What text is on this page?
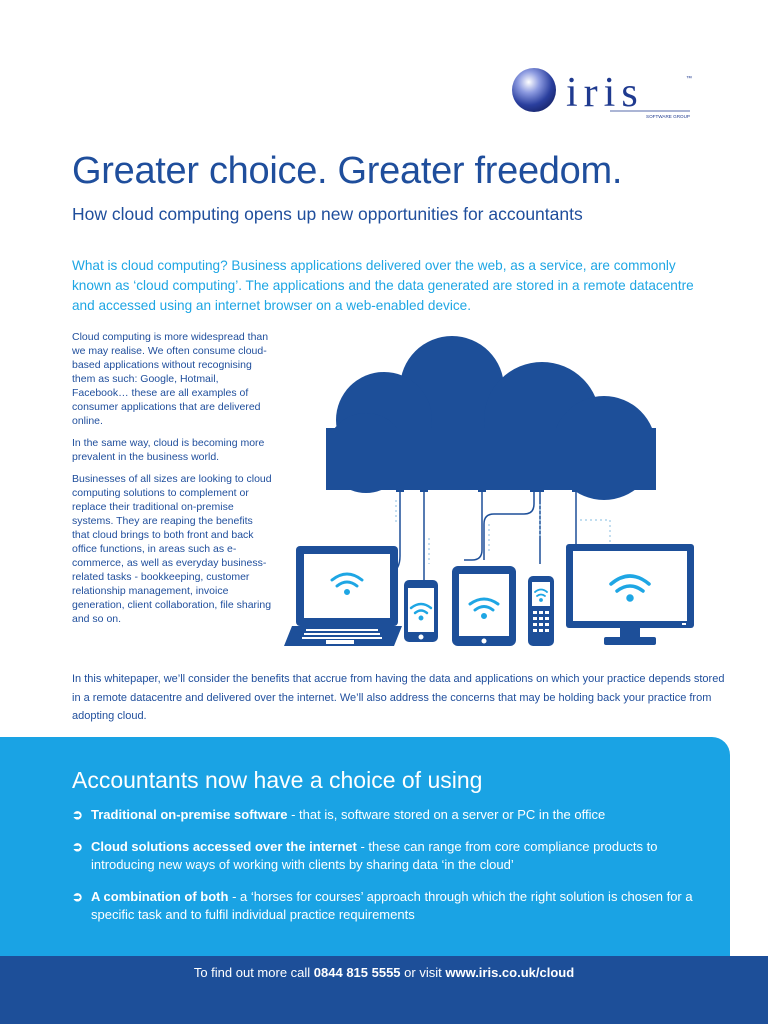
iris	™
SOFTWARE GROUP
Greater choice. Greater freedom.
How cloud computing opens up new opportunities for accountants

What is cloud computing? Business applications delivered over the web, as a service, are commonly known as ‘cloud computing’. The applications and the data generated are stored in a remote datacentre and accessed using an internet browser on a web-enabled device.

Cloud computing is more widespread than we may realise. We often consume cloud-based applications without recognising them as such: Google, Hotmail, Facebook… these are all examples of consumer applications that are delivered online.

In the same way, cloud is becoming more prevalent in the business world.

Businesses of all sizes are looking to cloud computing solutions to complement or replace their traditional on-premise systems. They are reaping the benefits that cloud brings to both front and back office functions, in areas such as e-commerce, as well as everyday business-related tasks - bookkeeping, customer relationship management, invoice generation, client collaboration, file sharing and so on.

In this whitepaper, we’ll consider the benefits that accrue from having the data and applications on which your practice depends stored in a remote datacentre and delivered over the internet. We’ll also address the concerns that may be holding back your practice from adopting cloud.

Accountants now have a choice of using
➲ Traditional on-premise software - that is, software stored on a server or PC in the office
➲ Cloud solutions accessed over the internet - these can range from core compliance products to introducing new ways of working with clients by sharing data ‘in the cloud’
➲ A combination of both - a ‘horses for courses’ approach through which the right solution is chosen for a specific task and to fulfil individual practice requirements
To find out more call 0844 815 5555 or visit www.iris.co.uk/cloud
